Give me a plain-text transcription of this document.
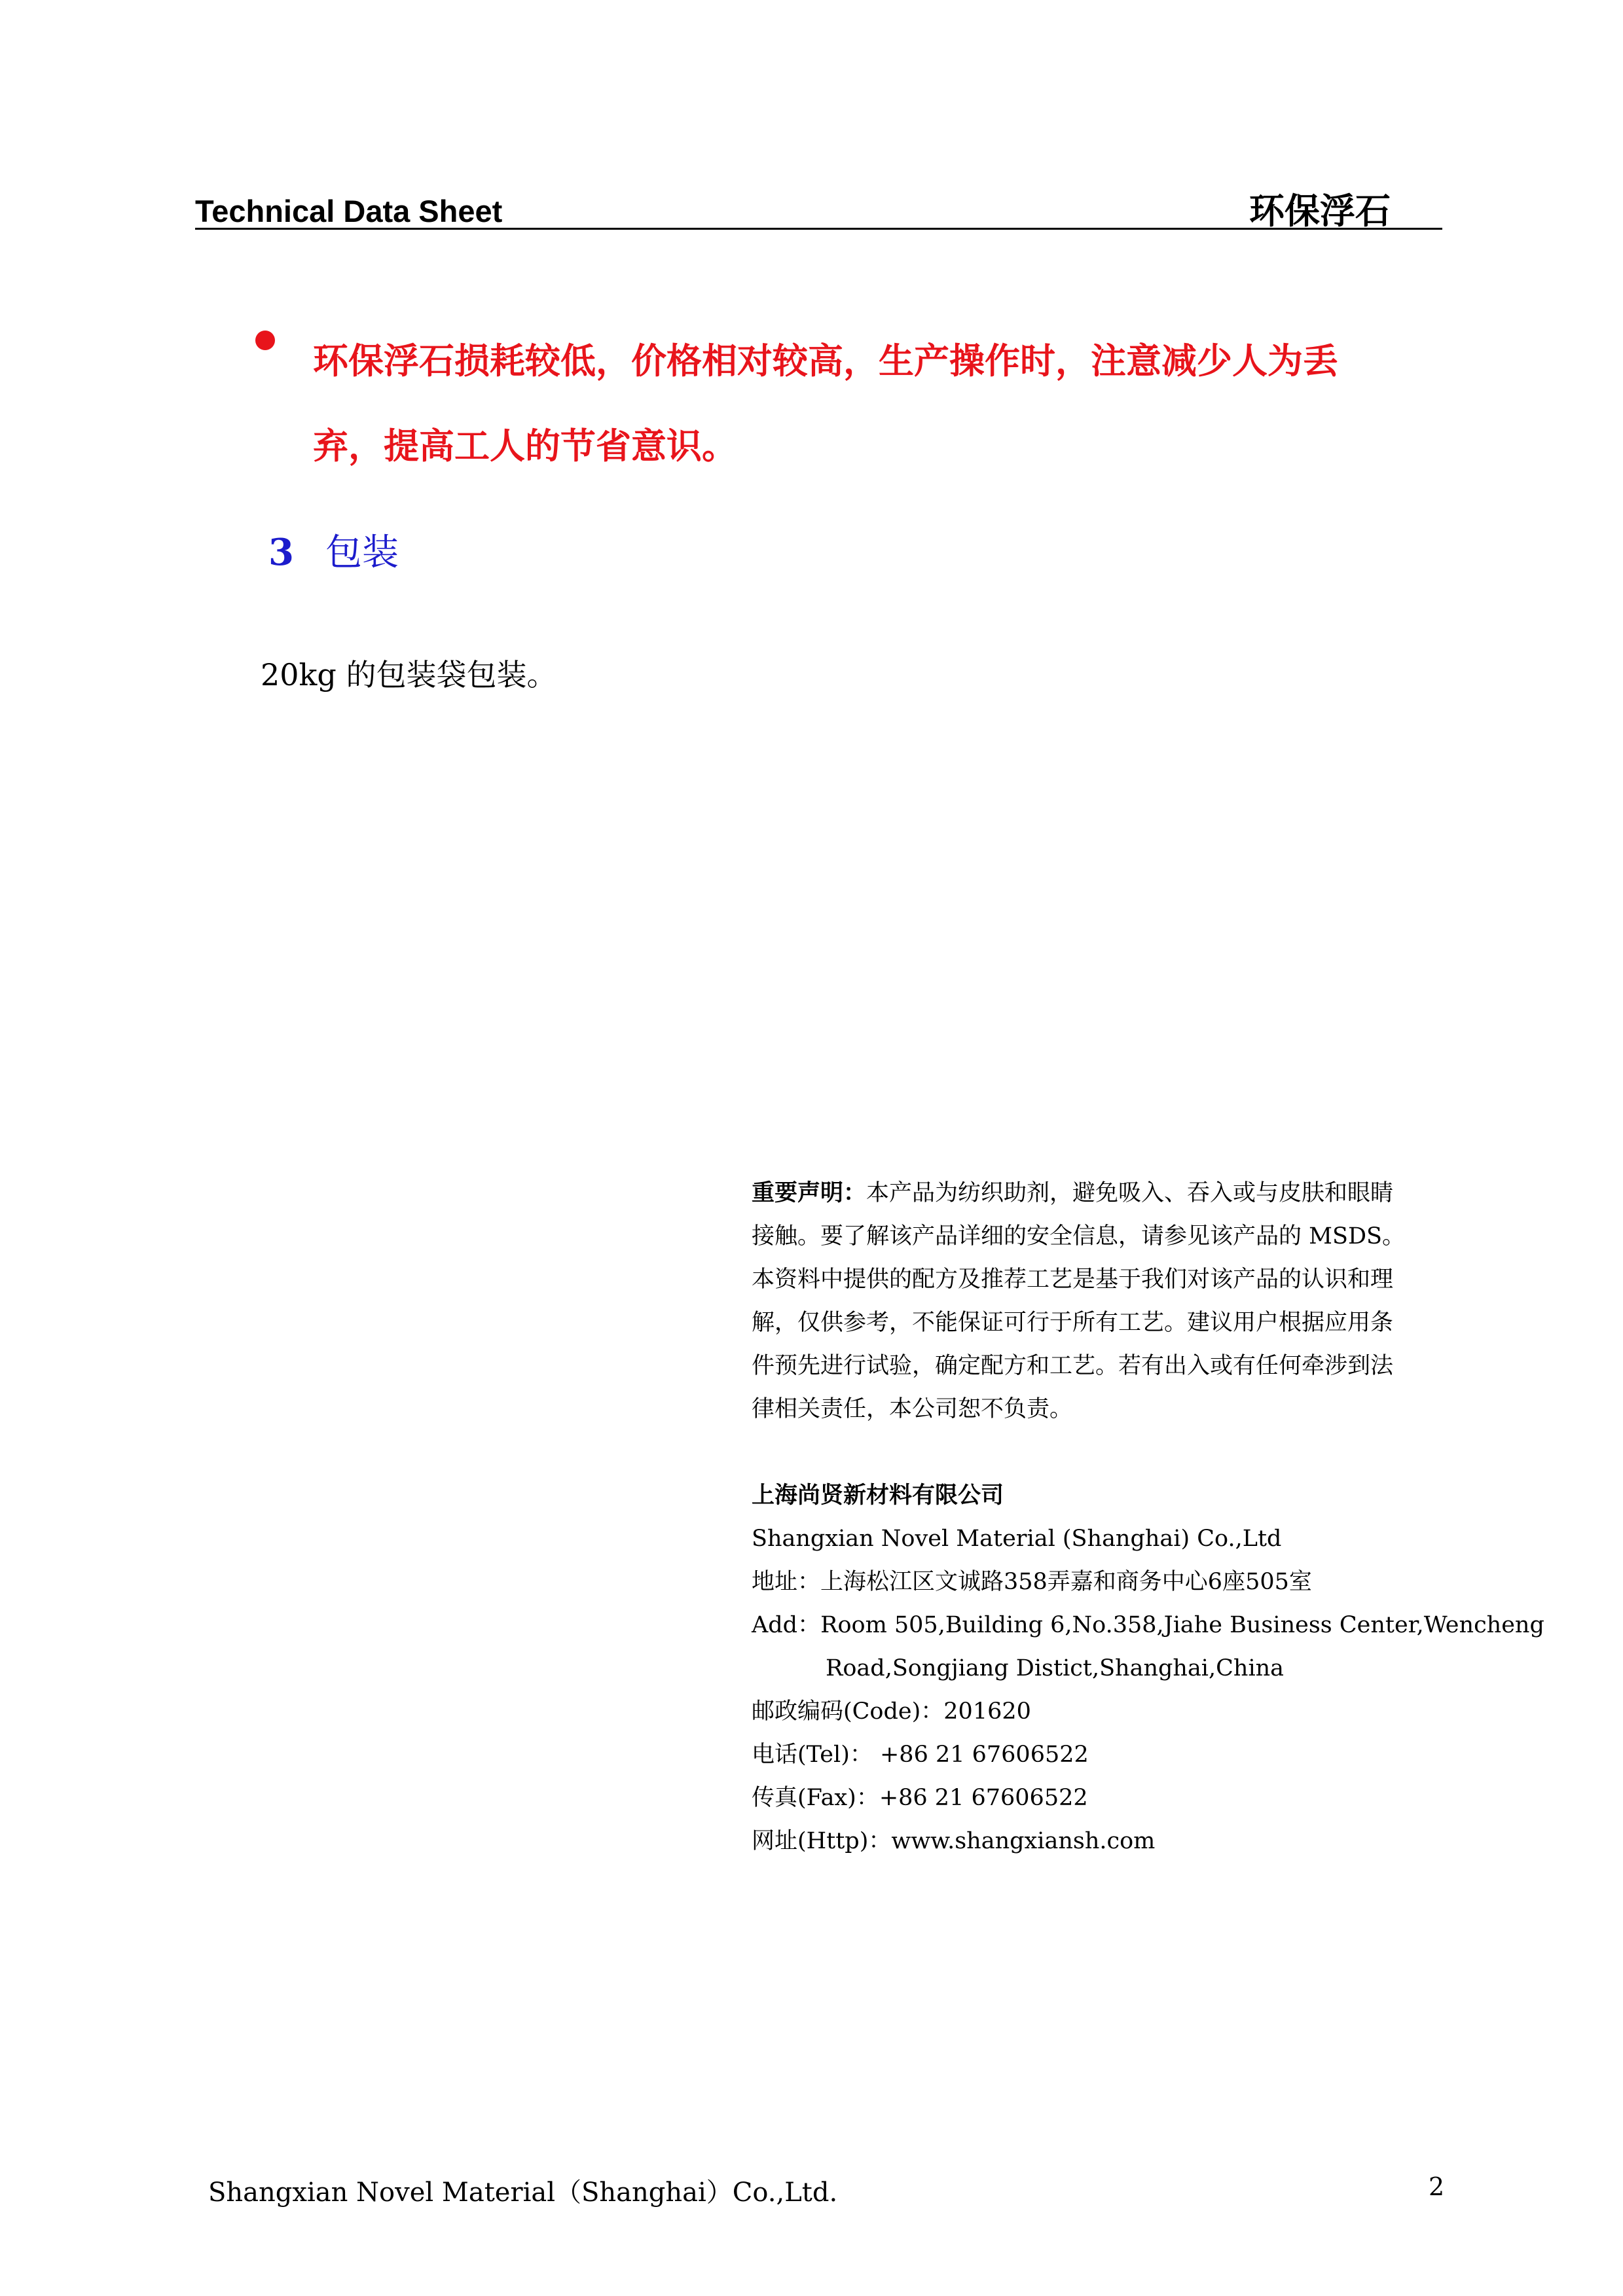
Technical Data Sheet	环保浮石
环保浮石损耗较低，价格相对较高，生产操作时，注意减少人为丢
弃，提高工人的节省意识。
3 包装
20kg 的包装袋包装。
重要声明：本产品为纺织助剂，避免吸入、吞入或与皮肤和眼睛
接触。要了解该产品详细的安全信息，请参见该产品的 MSDS。
本资料中提供的配方及推荐工艺是基于我们对该产品的认识和理
解，仅供参考，不能保证可行于所有工艺。建议用户根据应用条
件预先进行试验，确定配方和工艺。若有出入或有任何牵涉到法
律相关责任，本公司恕不负责。
上海尚贤新材料有限公司
Shangxian Novel Material (Shanghai) Co.,Ltd
地址：上海松江区文诚路358弄嘉和商务中心6座505室
Add：Room 505,Building 6,No.358,Jiahe Business Center,Wencheng
Road,Songjiang Distict,Shanghai,China
邮政编码(Code)：201620
电话(Tel)： +86 21 67606522
传真(Fax)：+86 21 67606522
网址(Http)：www.shangxiansh.com
Shangxian Novel Material（Shanghai）Co.,Ltd.	2
